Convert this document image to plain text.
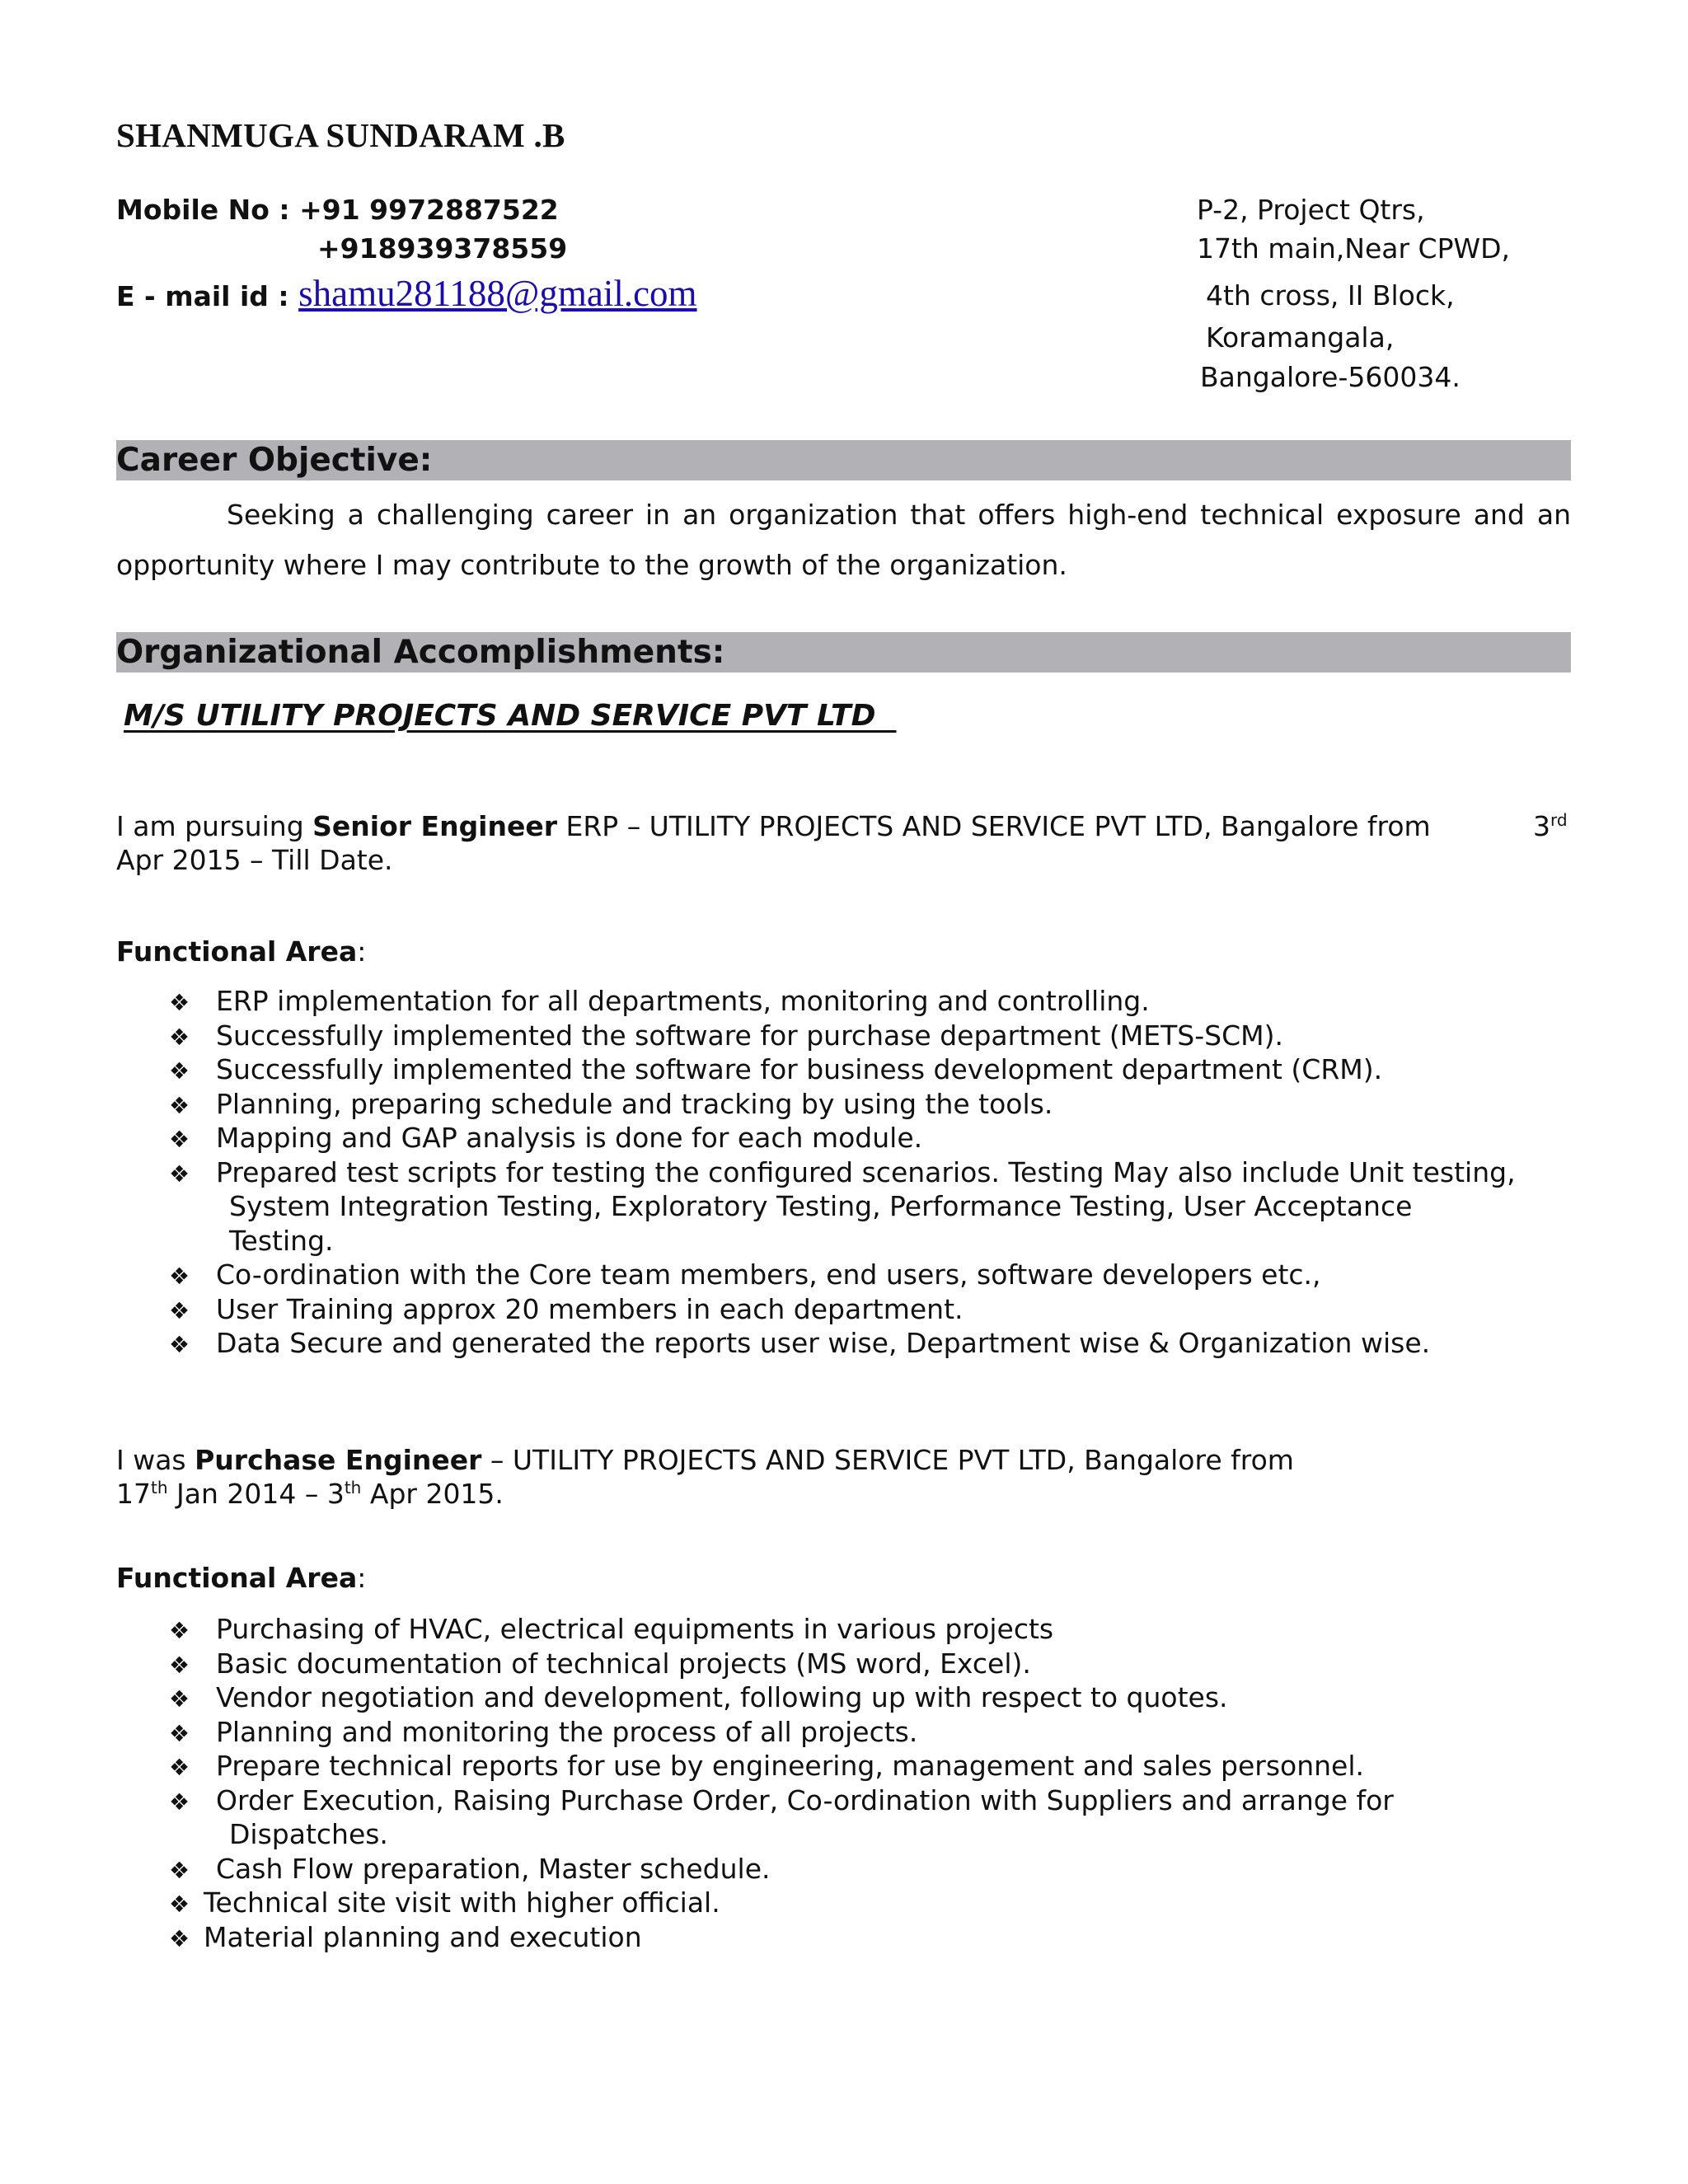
SHANMUGA SUNDARAM .B
Mobile No : +91 9972887522
+918939378559
E - mail id : shamu281188@gmail.com
P-2, Project Qtrs,
17th main,Near CPWD,
4th cross, II Block,
Koramangala,
Bangalore-560034.
Career Objective:
Seeking a challenging career in an organization that offers high-end technical exposure and an
opportunity where I may contribute to the growth of the organization.
Organizational Accomplishments:
M/S UTILITY PROJECTS AND SERVICE PVT LTD
I am pursuing Senior Engineer ERP – UTILITY PROJECTS AND SERVICE PVT LTD, Bangalore from	3rd
Apr 2015 – Till Date.
Functional Area:
❖ ERP implementation for all departments, monitoring and controlling.
❖ Successfully implemented the software for purchase department (METS-SCM).
❖ Successfully implemented the software for business development department (CRM).
❖ Planning, preparing schedule and tracking by using the tools.
❖ Mapping and GAP analysis is done for each module.
❖ Prepared test scripts for testing the configured scenarios. Testing May also include Unit testing,
System Integration Testing, Exploratory Testing, Performance Testing, User Acceptance
Testing.
❖ Co-ordination with the Core team members, end users, software developers etc.,
❖ User Training approx 20 members in each department.
❖ Data Secure and generated the reports user wise, Department wise & Organization wise.
I was Purchase Engineer – UTILITY PROJECTS AND SERVICE PVT LTD, Bangalore from
17th Jan 2014 – 3th Apr 2015.
Functional Area:
❖ Purchasing of HVAC, electrical equipments in various projects
❖ Basic documentation of technical projects (MS word, Excel).
❖ Vendor negotiation and development, following up with respect to quotes.
❖ Planning and monitoring the process of all projects.
❖ Prepare technical reports for use by engineering, management and sales personnel.
❖ Order Execution, Raising Purchase Order, Co-ordination with Suppliers and arrange for
Dispatches.
❖ Cash Flow preparation, Master schedule.
❖ Technical site visit with higher official.
❖ Material planning and execution
